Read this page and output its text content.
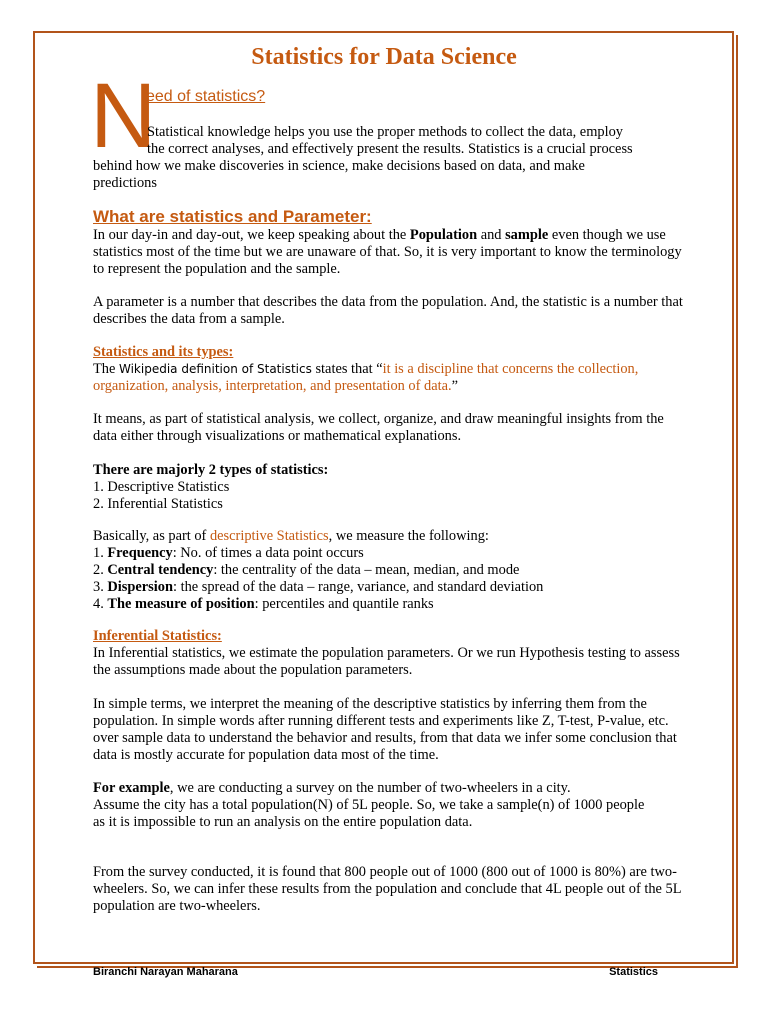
Statistics for Data Science
N
eed of statistics?
Statistical knowledge helps you use the proper methods to collect the data, employ
the correct analyses, and effectively present the results. Statistics is a crucial process
behind how we make discoveries in science, make decisions based on data, and make
predictions
What are statistics and Parameter:
In our day-in and day-out, we keep speaking about the Population and sample even though we use statistics most of the time but we are unaware of that. So, it is very important to know the terminology to represent the population and the sample.
A parameter is a number that describes the data from the population. And, the statistic is a number that describes the data from a sample.
Statistics and its types:
The Wikipedia definition of Statistics states that “it is a discipline that concerns the collection, organization, analysis, interpretation, and presentation of data.”
It means, as part of statistical analysis, we collect, organize, and draw meaningful insights from the data either through visualizations or mathematical explanations.
There are majorly 2 types of statistics:
1. Descriptive Statistics
2. Inferential Statistics
Basically, as part of descriptive Statistics, we measure the following:
1. Frequency: No. of times a data point occurs
2. Central tendency: the centrality of the data – mean, median, and mode
3. Dispersion: the spread of the data – range, variance, and standard deviation
4. The measure of position: percentiles and quantile ranks
Inferential Statistics:
In Inferential statistics, we estimate the population parameters. Or we run Hypothesis testing to assess the assumptions made about the population parameters.
In simple terms, we interpret the meaning of the descriptive statistics by inferring them from the population. In simple words after running different tests and experiments like Z, T-test, P-value, etc. over sample data to understand the behavior and results, from that data we infer some conclusion that data is mostly accurate for population data most of the time.
For example, we are conducting a survey on the number of two-wheelers in a city.
Assume the city has a total population(N) of 5L people. So, we take a sample(n) of 1000 people
as it is impossible to run an analysis on the entire population data.
From the survey conducted, it is found that 800 people out of 1000 (800 out of 1000 is 80%) are two-wheelers. So, we can infer these results from the population and conclude that 4L people out of the 5L population are two-wheelers.
Biranchi Narayan Maharana	Statistics
